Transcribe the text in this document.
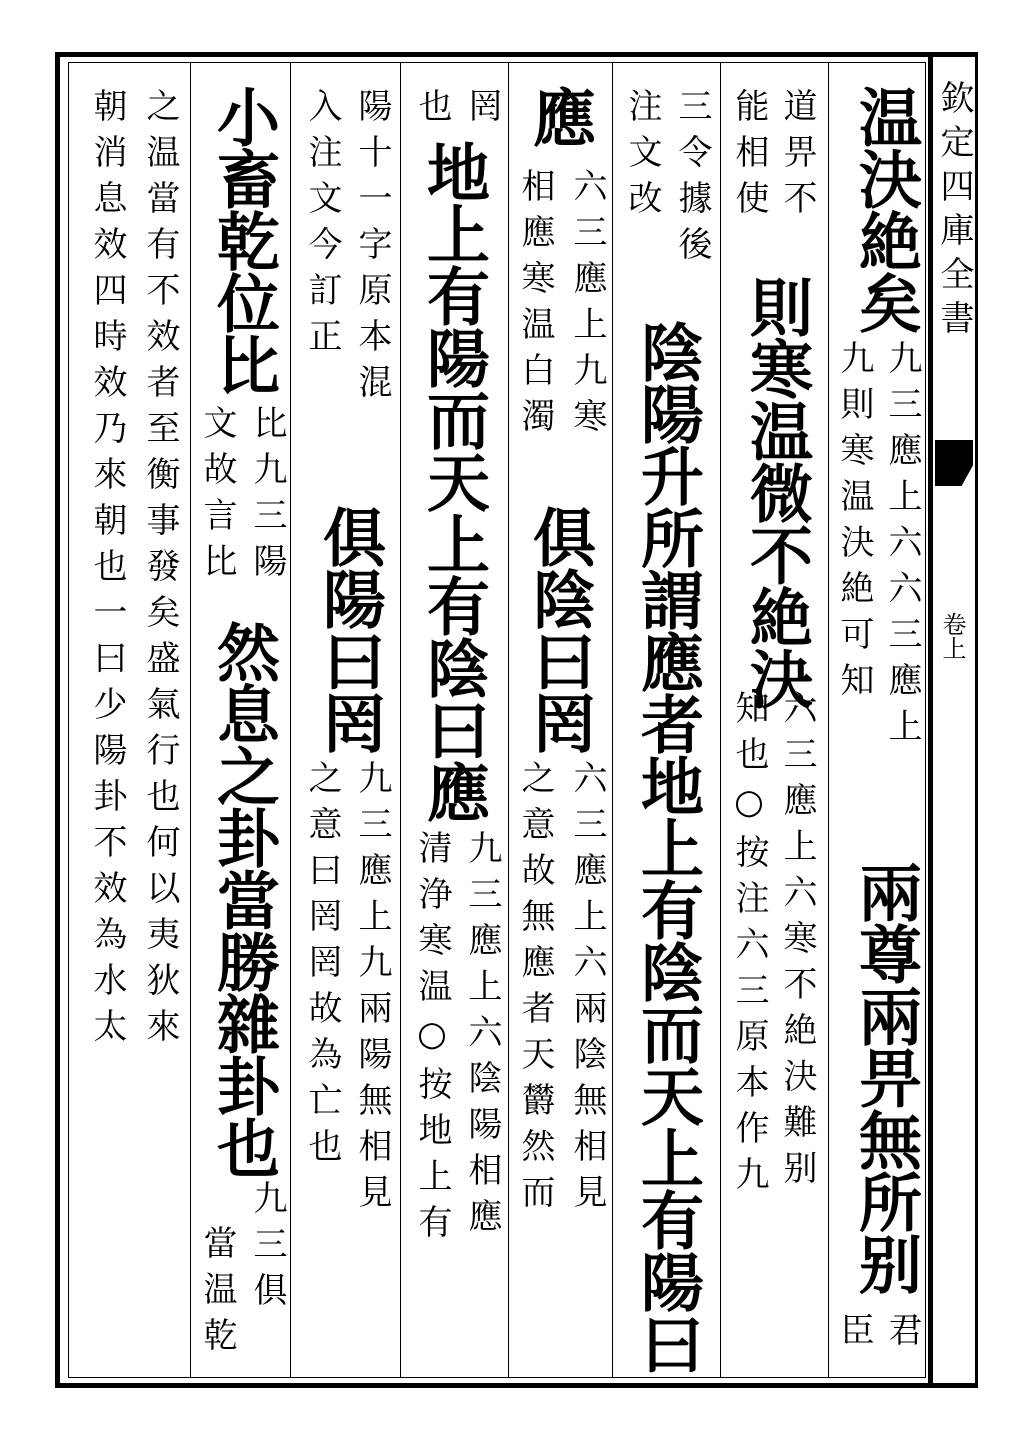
欽定四庫全書
卷上
温決絶矣
九三應上六六三應上
九則寒温決絶可知
兩尊兩畀無所别
君
臣
道畀不
能相使
則寒温微不絶決
六三應上六寒不絶決難别
知也○按注六三原本作九
三令據後
注文改
陰陽升所謂應者地上有陰而天上有陽曰
應
六三應上九寒
相應寒温白濁
俱陰曰罔
六三應上六兩陰無相見
之意故無應者天欝然而
罔
也
地上有陽而天上有陰曰應
九三應上六陰陽相應
清浄寒温○按地上有
陽十一字原本混
入注文今訂正
俱陽曰罔
九三應上九兩陽無相見
之意曰罔罔故為亡也
小畜乾位比
比九三陽
文故言比
然息之卦當勝雜卦也
九三俱
當温乾
之温當有不效者至衡事發矣盛氣行也何以夷狄來
朝消息效四時效乃來朝也一曰少陽卦不效為水太
